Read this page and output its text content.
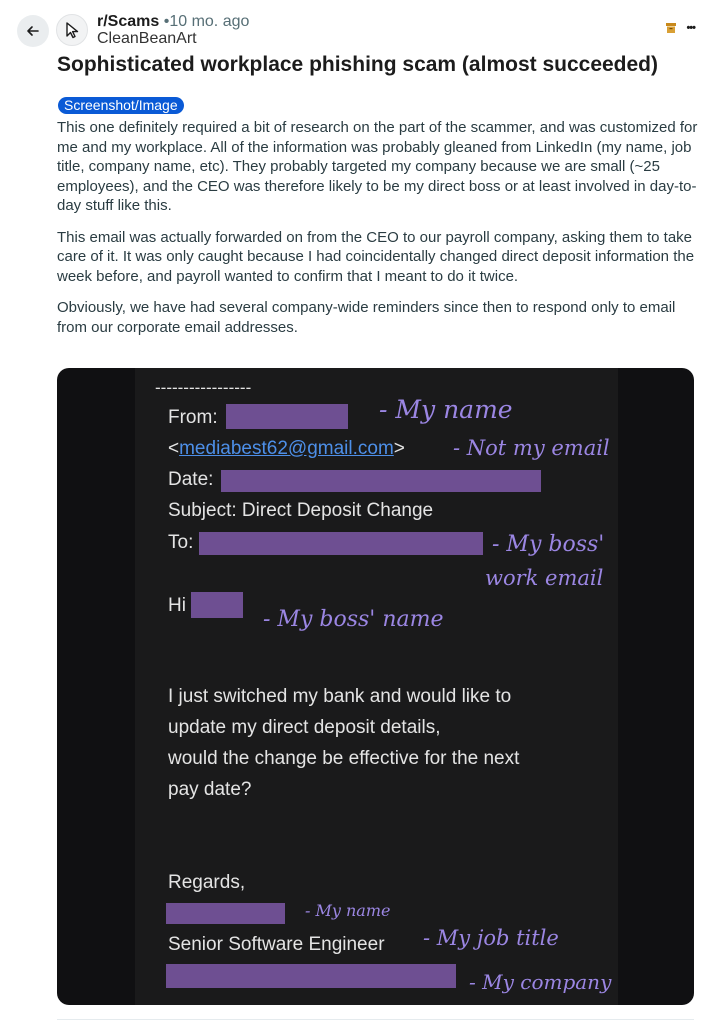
r/Scams •10 mo. ago
CleanBeanArt
•••
Sophisticated workplace phishing scam (almost succeeded)
Screenshot/Image

This one definitely required a bit of research on the part of the scammer, and was customized for me and my workplace. All of the information was probably gleaned from LinkedIn (my name, job title, company name, etc). They probably targeted my company because we are small (~25 employees), and the CEO was therefore likely to be my direct boss or at least involved in day-to-day stuff like this.

This email was actually forwarded on from the CEO to our payroll company, asking them to take care of it. It was only caught because I had coincidentally changed direct deposit information the week before, and payroll wanted to confirm that I meant to do it twice.

Obviously, we have had several company-wide reminders since then to respond only to email from our corporate email addresses.

-----------------
From:	- My name
<mediabest62@gmail.com> - Not my email
Date:
Subject: Direct Deposit Change
To:	- My boss'
work email
Hi
- My boss' name
I just switched my bank and would like to
update my direct deposit details,
would the change be effective for the next
pay date?
Regards,
- My name
Senior Software Engineer - My job title
- My company
